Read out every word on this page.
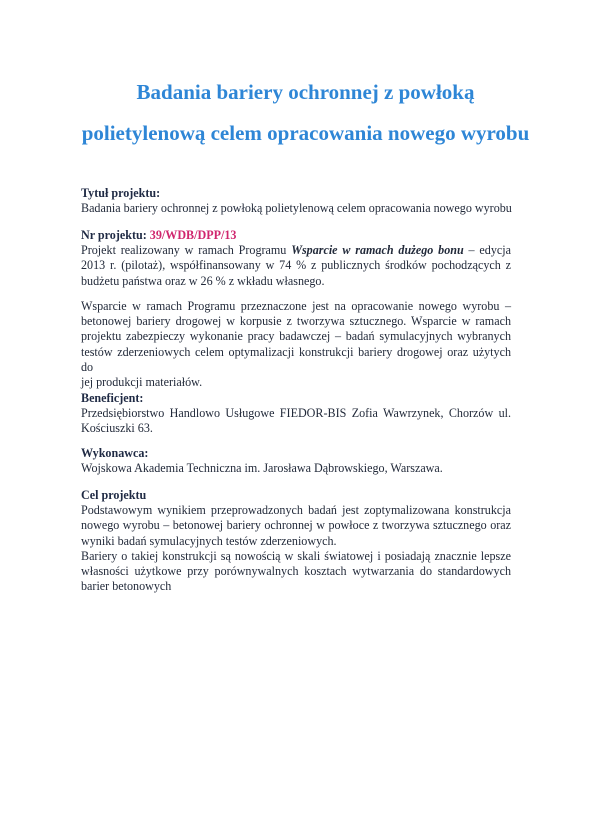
Badania bariery ochronnej z powłoką
polietylenową celem opracowania nowego wyrobu
Tytuł projektu:
Badania bariery ochronnej z powłoką polietylenową celem opracowania nowego wyrobu
Nr projektu: 39/WDB/DPP/13
Projekt realizowany w ramach Programu Wsparcie w ramach dużego bonu – edycja
2013 r. (pilotaż), współfinansowany w 74 % z publicznych środków pochodzących z
budżetu państwa oraz w 26 % z wkładu własnego.
Wsparcie w ramach Programu przeznaczone jest na opracowanie nowego wyrobu –
betonowej bariery drogowej w korpusie z tworzywa sztucznego. Wsparcie w ramach
projektu zabezpieczy wykonanie pracy badawczej – badań symulacyjnych wybranych
testów zderzeniowych celem optymalizacji konstrukcji bariery drogowej oraz użytych do
jej produkcji materiałów.
Beneficjent:
Przedsiębiorstwo Handlowo Usługowe FIEDOR-BIS Zofia Wawrzynek, Chorzów ul.
Kościuszki 63.
Wykonawca:
Wojskowa Akademia Techniczna im. Jarosława Dąbrowskiego, Warszawa.
Cel projektu
Podstawowym wynikiem przeprowadzonych badań jest zoptymalizowana konstrukcja
nowego wyrobu – betonowej bariery ochronnej w powłoce z tworzywa sztucznego oraz
wyniki badań symulacyjnych testów zderzeniowych.
Bariery o takiej konstrukcji są nowością w skali światowej i posiadają znacznie lepsze
własności użytkowe przy porównywalnych kosztach wytwarzania do standardowych
barier betonowych
